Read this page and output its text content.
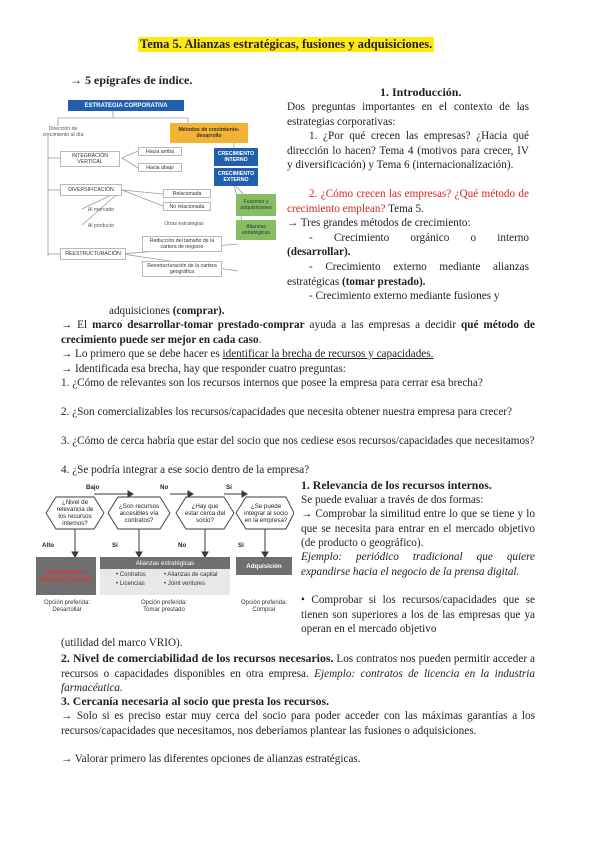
Tema 5. Alianzas estratégicas, fusiones y adquisiciones.
→ 5 epígrafes de índice.
ESTRATEGIA CORPORATIVA
Dirección de crecimiento al día
Métodos de crecimiento-desarrollo
INTEGRACIÓN VERTICAL
DIVERSIFICACIÓN
REESTRUCTURACIÓN
Hacia arriba
Hacia abajo
Relacionada
No relacionada
Al mercado
Al producto	Otras estrategias
Reducción del tamaño de la cartera de negocio
Reestructuración de la cartera geográfica
CRECIMIENTO INTERNO
CRECIMIENTO EXTERNO
Fusiones y adquisiciones
Alianzas estratégicas
1. Introducción.

Dos preguntas importantes en el contexto de las estrategias corporativas:

1. ¿Por qué crecen las empresas? ¿Hacia qué dirección lo hacen? Tema 4 (motivos para crecer, IV y diversificación) y Tema 6 (internacionalización).

2. ¿Cómo crecen las empresas? ¿Qué método de crecimiento emplean? Tema 5.

→ Tres grandes métodos de crecimiento:

- Crecimiento orgánico o interno

(desarrollar).

- Crecimiento externo mediante alianzas estratégicas (tomar prestado).

- Crecimiento externo mediante fusiones y

adquisiciones (comprar).

→ El marco desarrollar-tomar prestado-comprar ayuda a las empresas a decidir qué método de crecimiento puede ser mejor en cada caso.

→ Lo primero que se debe hacer es identificar la brecha de recursos y capacidades.

→ Identificada esa brecha, hay que responder cuatro preguntas:

1. ¿Cómo de relevantes son los recursos internos que posee la empresa para cerrar esa brecha?

2. ¿Son comercializables los recursos/capacidades que necesita obtener nuestra empresa para crecer?

3. ¿Cómo de cerca habría que estar del socio que nos cediese esos recursos/capacidades que necesitamos?

4. ¿Se podría integrar a ese socio dentro de la empresa?

Bajo	No	Sí
Alto	Sí	No	Sí
¿Nivel de relevancia de los recursos internos?
¿Son recursos accesibles vía contratos?
¿Hay que estar cerca del socio?
¿Se puede integrar al socio en la empresa?
Crecimiento o desarrollo interno
Alianzas estratégicas
• Contratos
• Licencias
• Alianzas de capital
• Joint ventures
Adquisición
Opción preferida: Desarrollar
Opción preferida: Tomar prestado
Opción preferida: Comprar

1. Relevancia de los recursos internos.

Se puede evaluar a través de dos formas:

→ Comprobar la similitud entre lo que se tiene y lo que se necesita para entrar en el mercado objetivo (de producto o geográfico).

Ejemplo: periódico tradicional que quiere expandirse hacia el negocio de la prensa digital.

• Comprobar si los recursos/capacidades que se tienen son superiores a los de las empresas que ya operan en el mercado objetivo

(utilidad del marco VRIO).

2. Nivel de comerciabilidad de los recursos necesarios. Los contratos nos pueden permitir acceder a recursos o capacidades disponibles en otra empresa. Ejemplo: contratos de licencia en la industria farmacéutica.

3. Cercanía necesaria al socio que presta los recursos.

→ Solo si es preciso estar muy cerca del socio para poder acceder con las máximas garantías a los recursos/capacidades que necesitamos, nos deberíamos plantear las fusiones o adquisiciones.

→ Valorar primero las diferentes opciones de alianzas estratégicas.
